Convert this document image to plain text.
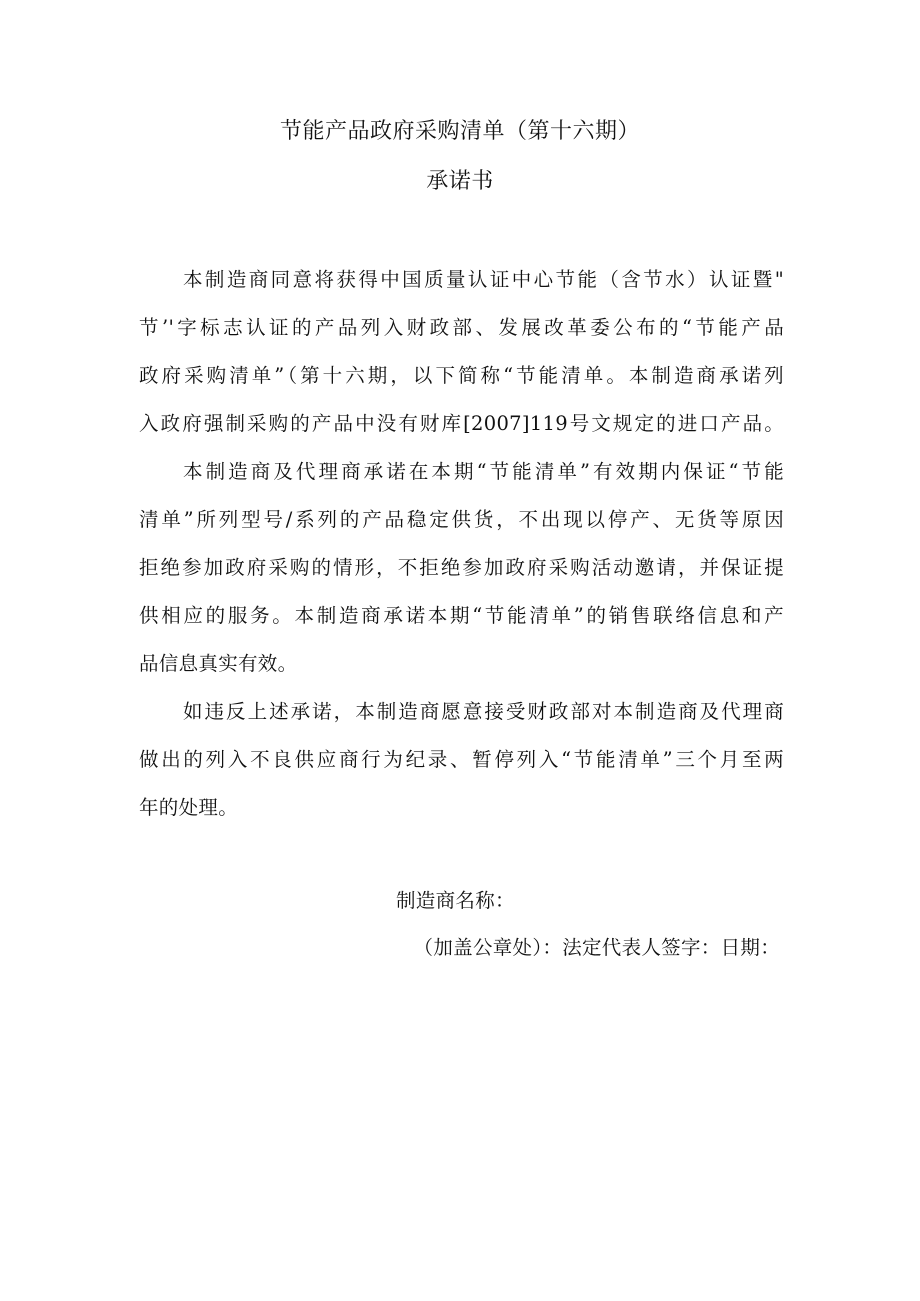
节能产品政府采购清单（第十六期）
承诺书
本制造商同意将获得中国质量认证中心节能（含节水）认证暨"
节’'字标志认证的产品列入财政部、发展改革委公布的“节能产品
政府采购清单”（第十六期，以下简称“节能清单。本制造商承诺列
入政府强制采购的产品中没有财库[2007]119号文规定的进口产品。
本制造商及代理商承诺在本期“节能清单”有效期内保证“节能
清单”所列型号/系列的产品稳定供货，不出现以停产、无货等原因
拒绝参加政府采购的情形，不拒绝参加政府采购活动邀请，并保证提
供相应的服务。本制造商承诺本期“节能清单”的销售联络信息和产
品信息真实有效。
如违反上述承诺，本制造商愿意接受财政部对本制造商及代理商
做出的列入不良供应商行为纪录、暂停列入“节能清单”三个月至两
年的处理。
制造商名称：
（加盖公章处）：法定代表人签字：日期：
